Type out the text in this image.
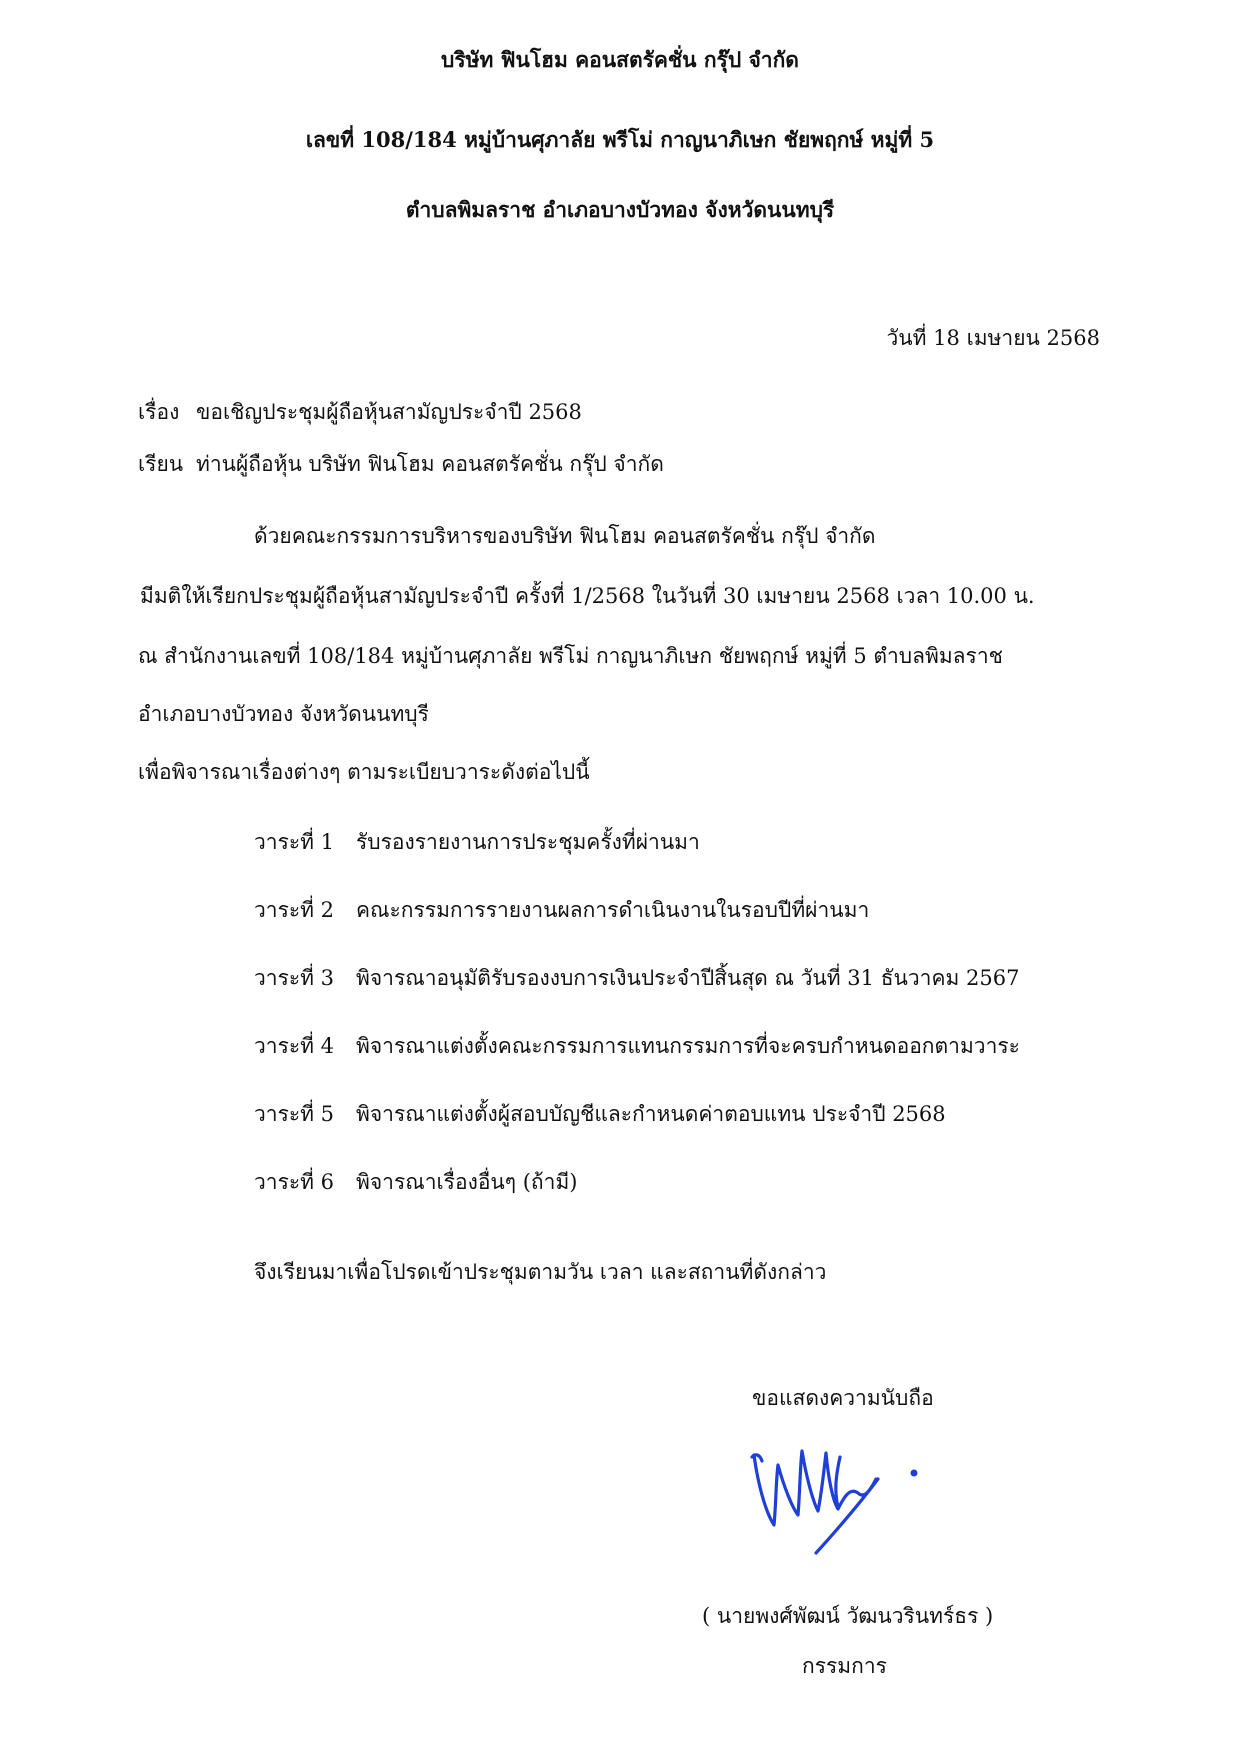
บริษัท ฟินโฮม คอนสตรัคชั่น กรุ๊ป จำกัด
เลขที่ 108/184 หมู่บ้านศุภาลัย พรีโม่ กาญนาภิเษก ชัยพฤกษ์ หมู่ที่ 5
ตำบลพิมลราช อำเภอบางบัวทอง จังหวัดนนทบุรี
วันที่ 18 เมษายน 2568
เรื่อง ขอเชิญประชุมผู้ถือหุ้นสามัญประจำปี 2568
เรียน ท่านผู้ถือหุ้น บริษัท ฟินโฮม คอนสตรัคชั่น กรุ๊ป จำกัด
ด้วยคณะกรรมการบริหารของบริษัท ฟินโฮม คอนสตรัคชั่น กรุ๊ป จำกัด
มีมติให้เรียกประชุมผู้ถือหุ้นสามัญประจำปี ครั้งที่ 1/2568 ในวันที่ 30 เมษายน 2568 เวลา 10.00 น.
ณ สำนักงานเลขที่ 108/184 หมู่บ้านศุภาลัย พรีโม่ กาญนาภิเษก ชัยพฤกษ์ หมู่ที่ 5 ตำบลพิมลราช
อำเภอบางบัวทอง จังหวัดนนทบุรี
เพื่อพิจารณาเรื่องต่างๆ ตามระเบียบวาระดังต่อไปนี้
วาระที่ 1 รับรองรายงานการประชุมครั้งที่ผ่านมา
วาระที่ 2 คณะกรรมการรายงานผลการดำเนินงานในรอบปีที่ผ่านมา
วาระที่ 3 พิจารณาอนุมัติรับรองงบการเงินประจำปีสิ้นสุด ณ วันที่ 31 ธันวาคม 2567
วาระที่ 4 พิจารณาแต่งตั้งคณะกรรมการแทนกรรมการที่จะครบกำหนดออกตามวาระ
วาระที่ 5 พิจารณาแต่งตั้งผู้สอบบัญชีและกำหนดค่าตอบแทน ประจำปี 2568
วาระที่ 6 พิจารณาเรื่องอื่นๆ (ถ้ามี)
จึงเรียนมาเพื่อโปรดเข้าประชุมตามวัน เวลา และสถานที่ดังกล่าว
ขอแสดงความนับถือ
( นายพงศ์พัฒน์ วัฒนวรินทร์ธร )
กรรมการ
